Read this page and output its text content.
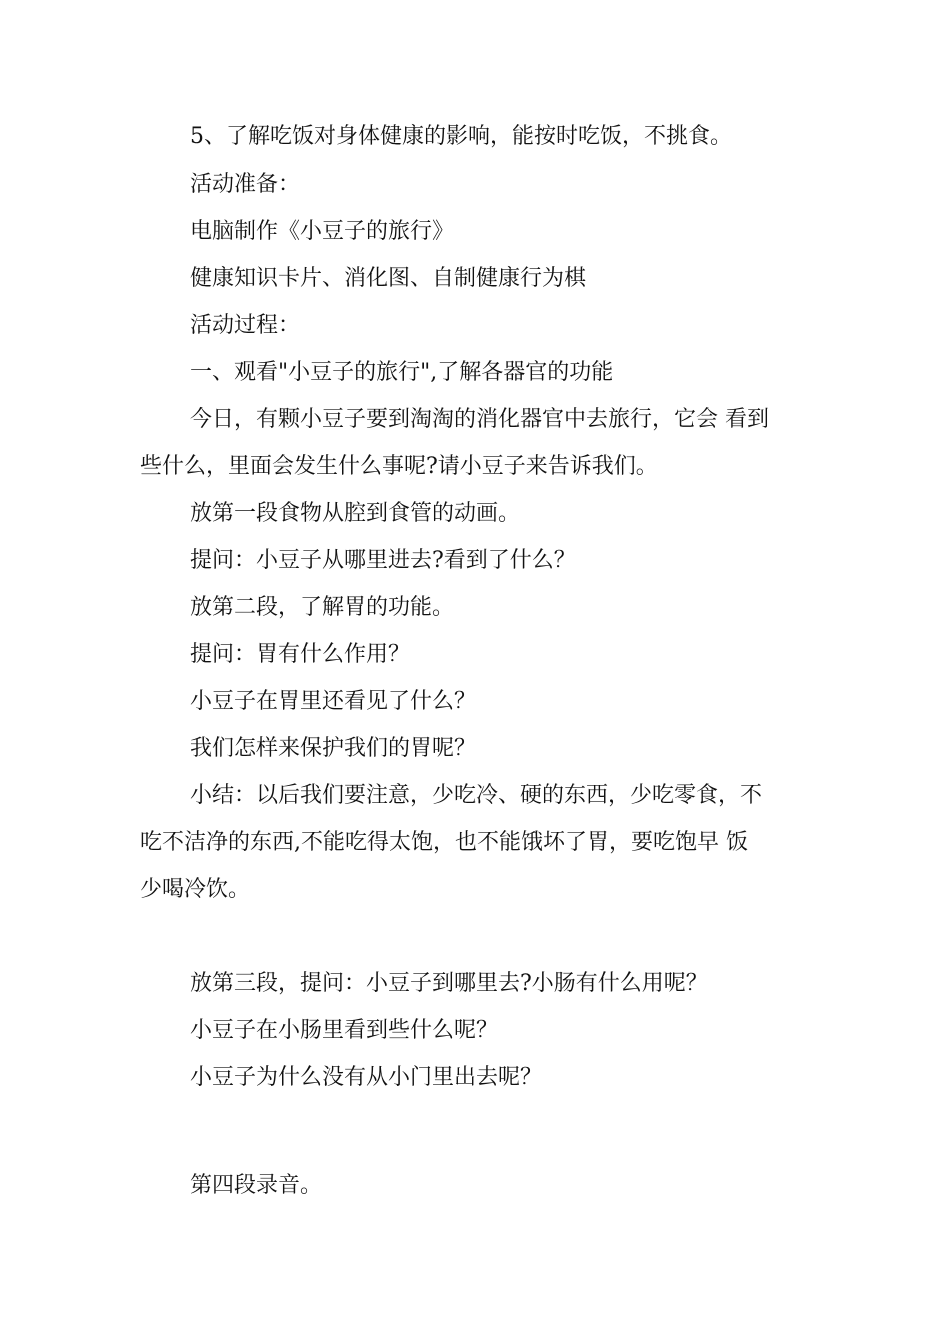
5、了解吃饭对身体健康的影响，能按时吃饭，不挑食。
活动准备：
电脑制作《小豆子的旅行》
健康知识卡片、消化图、自制健康行为棋
活动过程：
一、观看"小豆子的旅行",了解各器官的功能
今日，有颗小豆子要到淘淘的消化器官中去旅行，它会 看到
些什么，里面会发生什么事呢?请小豆子来告诉我们。
放第一段食物从腔到食管的动画。
提问：小豆子从哪里进去?看到了什么？
放第二段，了解胃的功能。
提问：胃有什么作用？
小豆子在胃里还看见了什么？
我们怎样来保护我们的胃呢？
小结：以后我们要注意，少吃冷、硬的东西，少吃零食，不
吃不洁净的东西,不能吃得太饱，也不能饿坏了胃，要吃饱早 饭
少喝冷饮。
放第三段，提问：小豆子到哪里去?小肠有什么用呢？
小豆子在小肠里看到些什么呢？
小豆子为什么没有从小门里出去呢？
第四段录音。
